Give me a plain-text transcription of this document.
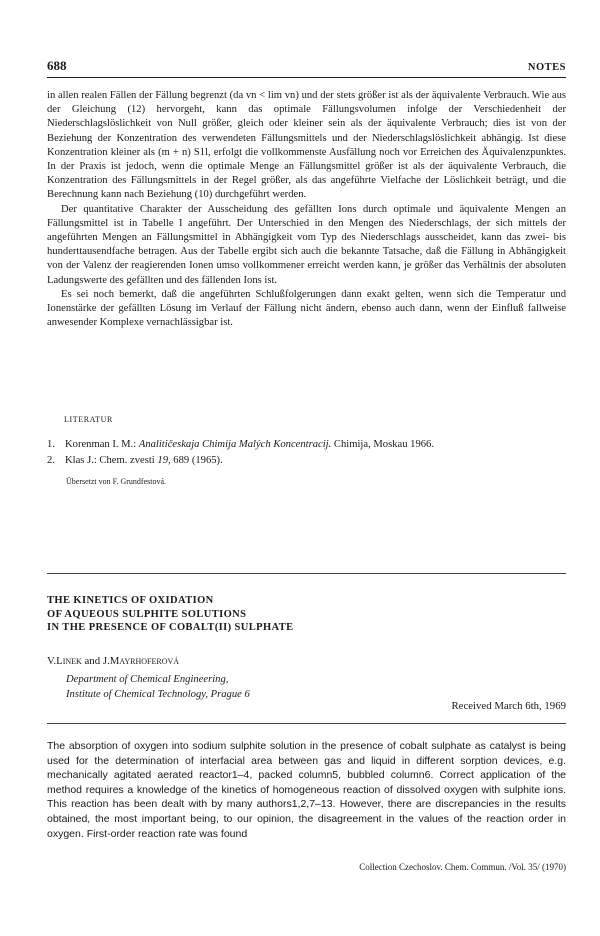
688	NOTES

in allen realen Fällen der Fällung begrenzt (da vn < lim vn) und der stets größer ist als der äquivalente Verbrauch. Wie aus der Gleichung (12) hervorgeht, kann das optimale Fällungsvolumen infolge der Verschiedenheit der Niederschlagslöslichkeit von Null größer, gleich oder kleiner sein als der äquivalente Verbrauch; dies ist von der Beziehung der Konzentration des verwendeten Fällungsmittels und der Niederschlagslöslichkeit abhängig. Ist diese Konzentration kleiner als (m + n) S1l, erfolgt die vollkommenste Ausfällung noch vor Erreichen des Äquivalenzpunktes. In der Praxis ist jedoch, wenn die optimale Menge an Fällungsmittel größer ist als der äquivalente Verbrauch, die Konzentration des Fällungsmittels in der Regel größer, als das angeführte Vielfache der Löslichkeit beträgt, und die Berechnung kann nach Beziehung (10) durchgeführt werden.

Der quantitative Charakter der Ausscheidung des gefällten Ions durch optimale und äquivalente Mengen an Fällungsmittel ist in Tabelle I angeführt. Der Unterschied in den Mengen des Niederschlags, der sich mittels der angeführten Mengen an Fällungsmittel in Abhängigkeit vom Typ des Niederschlags ausscheidet, kann das zwei- bis hunderttausendfache betragen. Aus der Tabelle ergibt sich auch die bekannte Tatsache, daß die Fällung in Abhängigkeit von der Valenz der reagierenden Ionen umso vollkommener erreicht werden kann, je größer das Verhältnis der absoluten Ladungswerte des gefällten und des fällenden Ions ist.

Es sei noch bemerkt, daß die angeführten Schlußfolgerungen dann exakt gelten, wenn sich die Temperatur und Ionenstärke der gefällten Lösung im Verlauf der Fällung nicht ändern, ebenso auch dann, wenn der Einfluß fallweise anwesender Komplexe vernachlässigbar ist.

LITERATUR
1. Korenman I. M.: Analitičeskaja Chimija Malých Koncentracij. Chimija, Moskau 1966.
2. Klas J.: Chem. zvesti 19, 689 (1965).
Übersetzt von F. Grundfestová.
THE KINETICS OF OXIDATION
OF AQUEOUS SULPHITE SOLUTIONS
IN THE PRESENCE OF COBALT(II) SULPHATE
V.Linek and J.Mayrhoferová
Department of Chemical Engineering,
Institute of Chemical Technology, Prague 6
Received March 6th, 1969

The absorption of oxygen into sodium sulphite solution in the presence of cobalt sulphate as catalyst is being used for the determination of interfacial area between gas and liquid in different sorption devices, e.g. mechanically agitated aerated reactor1–4, packed column5, bubbled column6. Correct application of the method requires a knowledge of the kinetics of homogeneous reaction of dissolved oxygen with sulphite ions. This reaction has been dealt with by many authors1,2,7–13. However, there are discrepancies in the results obtained, the most important being, to our opinion, the disagreement in the values of the reaction order in oxygen. First-order reaction rate was found

Collection Czechoslov. Chem. Commun. /Vol. 35/ (1970)
